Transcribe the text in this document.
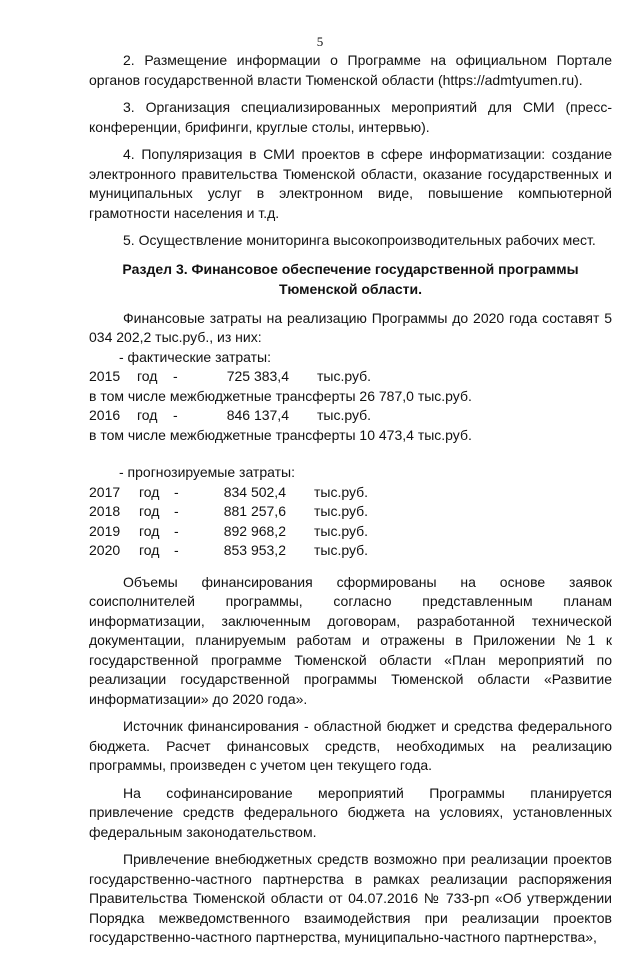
5

2. Размещение информации о Программе на официальном Портале органов государственной власти Тюменской области (https://admtyumen.ru).

3. Организация специализированных мероприятий для СМИ (пресс-конференции, брифинги, круглые столы, интервью).

4. Популяризация в СМИ проектов в сфере информатизации: создание электронного правительства Тюменской области, оказание государственных и муниципальных услуг в электронном виде, повышение компьютерной грамотности населения и т.д.

5. Осуществление мониторинга высокопроизводительных рабочих мест.

Раздел 3. Финансовое обеспечение государственной программы
Тюменской области.

Финансовые затраты на реализацию Программы до 2020 года составят 5 034 202,2 тыс.руб., из них:

- фактические затраты:

2015	год	-	725 383,4	тыс.руб.

в том числе межбюджетные трансферты 26 787,0 тыс.руб.

2016	год	-	846 137,4	тыс.руб.

в том числе межбюджетные трансферты 10 473,4 тыс.руб.

- прогнозируемые затраты:

2017	год	-	834 502,4	тыс.руб.
2018	год	-	881 257,6	тыс.руб.
2019	год	-	892 968,2	тыс.руб.
2020	год	-	853 953,2	тыс.руб.

Объемы финансирования сформированы на основе заявок соисполнителей программы, согласно представленным планам информатизации, заключенным договорам, разработанной технической документации, планируемым работам и отражены в Приложении №1 к государственной программе Тюменской области «План мероприятий по реализации государственной программы Тюменской области «Развитие информатизации» до 2020 года».

Источник финансирования - областной бюджет и средства федерального бюджета. Расчет финансовых средств, необходимых на реализацию программы, произведен с учетом цен текущего года.

На софинансирование мероприятий Программы планируется привлечение средств федерального бюджета на условиях, установленных федеральным законодательством.

Привлечение внебюджетных средств возможно при реализации проектов государственно-частного партнерства в рамках реализации распоряжения Правительства Тюменской области от 04.07.2016 № 733-рп «Об утверждении Порядка межведомственного взаимодействия при реализации проектов государственно-частного партнерства, муниципально-частного партнерства»,
